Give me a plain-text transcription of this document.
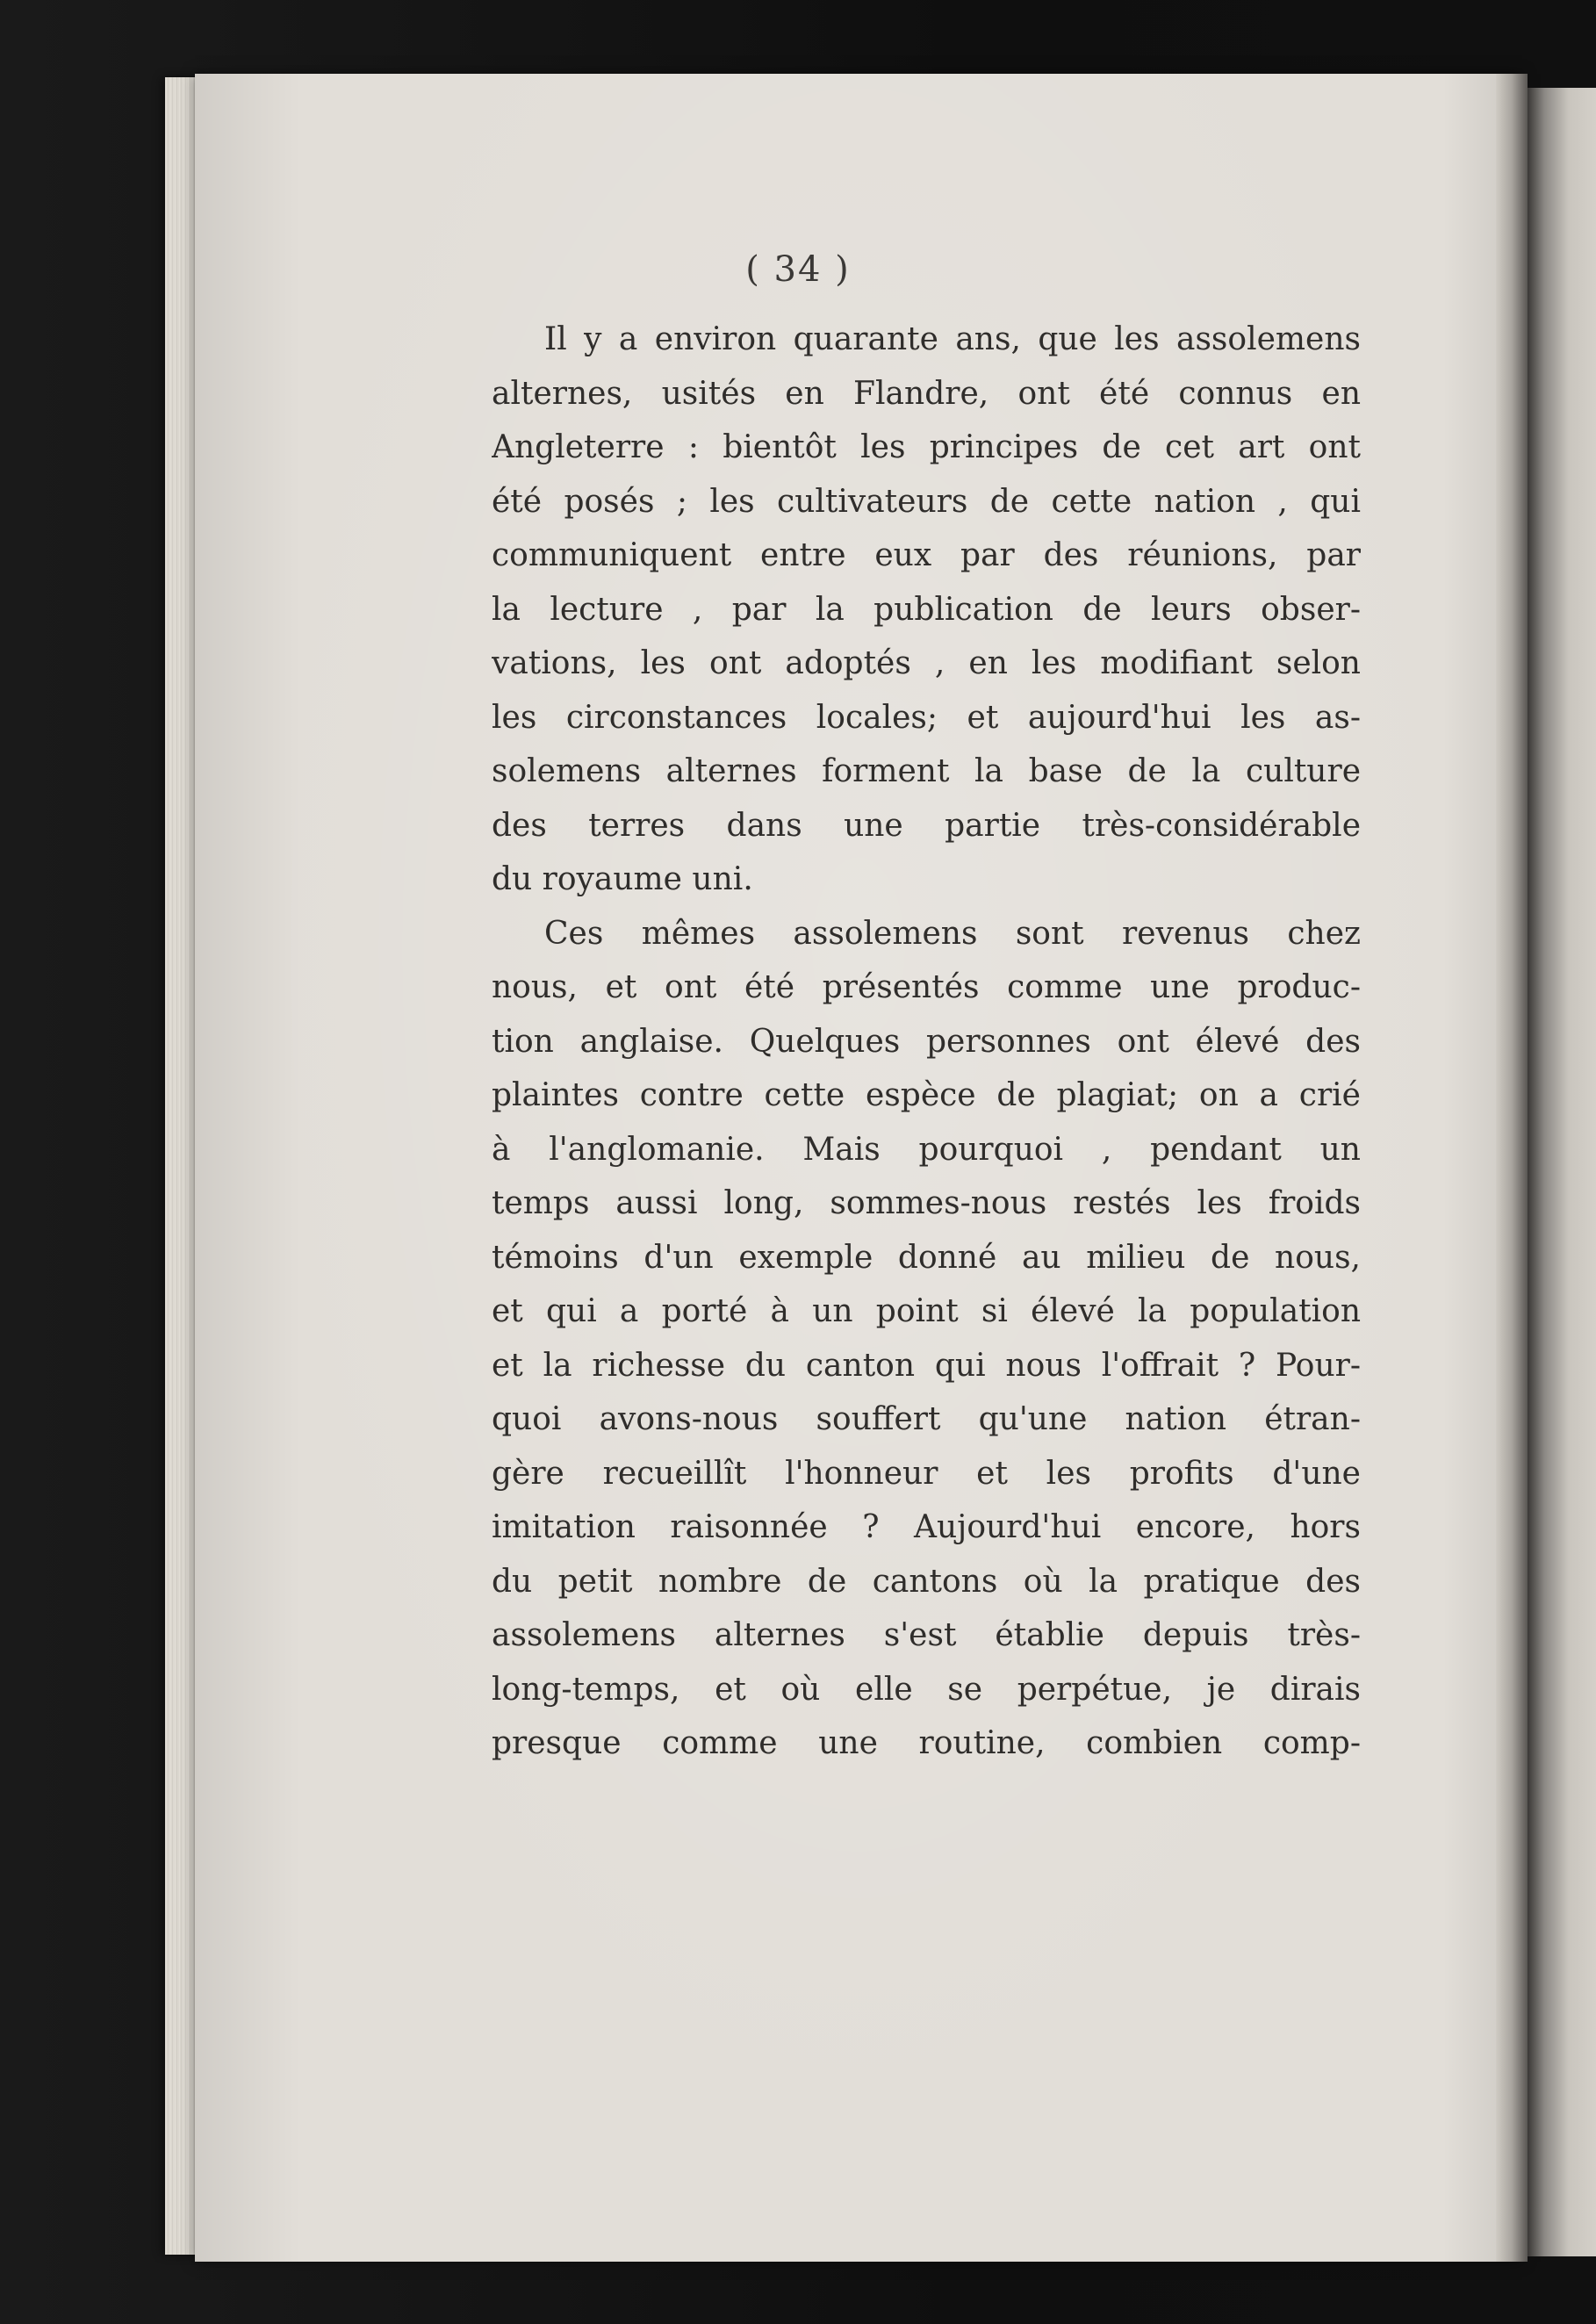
( 34 )
Il y a environ quarante ans, que les assolemens
alternes, usités en Flandre, ont été connus en
Angleterre : bientôt les principes de cet art ont
été posés ; les cultivateurs de cette nation , qui
communiquent entre eux par des réunions, par
la lecture , par la publication de leurs obser-
vations, les ont adoptés , en les modifiant selon
les circonstances locales; et aujourd'hui les as-
solemens alternes forment la base de la culture
des terres dans une partie très-considérable
du royaume uni.
Ces mêmes assolemens sont revenus chez
nous, et ont été présentés comme une produc-
tion anglaise. Quelques personnes ont élevé des
plaintes contre cette espèce de plagiat; on a crié
à l'anglomanie. Mais pourquoi , pendant un
temps aussi long, sommes-nous restés les froids
témoins d'un exemple donné au milieu de nous,
et qui a porté à un point si élevé la population
et la richesse du canton qui nous l'offrait ? Pour-
quoi avons-nous souffert qu'une nation étran-
gère recueillît l'honneur et les profits d'une
imitation raisonnée ? Aujourd'hui encore, hors
du petit nombre de cantons où la pratique des
assolemens alternes s'est établie depuis très-
long-temps, et où elle se perpétue, je dirais
presque comme une routine, combien comp-
